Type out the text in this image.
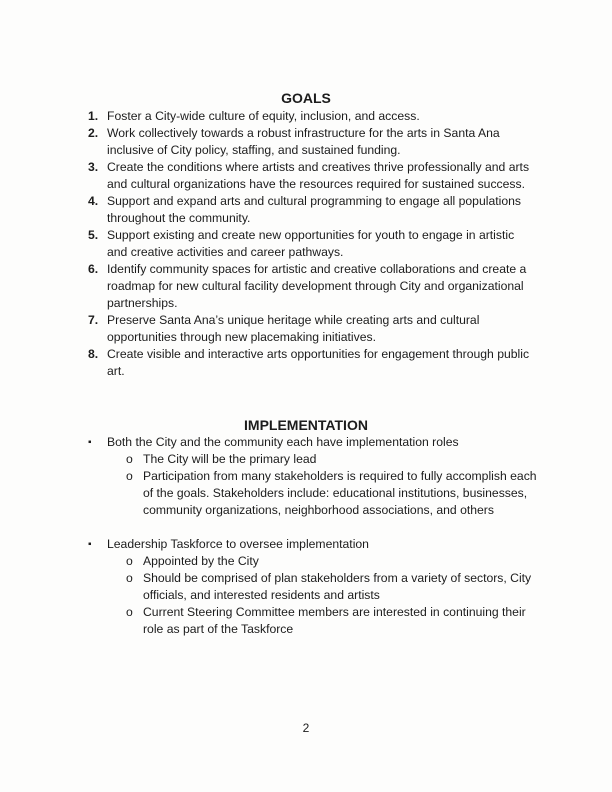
GOALS
1. Foster a City-wide culture of equity, inclusion, and access.
2. Work collectively towards a robust infrastructure for the arts in Santa Ana inclusive of City policy, staffing, and sustained funding.
3. Create the conditions where artists and creatives thrive professionally and arts and cultural organizations have the resources required for sustained success.
4. Support and expand arts and cultural programming to engage all populations throughout the community.
5. Support existing and create new opportunities for youth to engage in artistic and creative activities and career pathways.
6. Identify community spaces for artistic and creative collaborations and create a roadmap for new cultural facility development through City and organizational partnerships.
7. Preserve Santa Ana’s unique heritage while creating arts and cultural opportunities through new placemaking initiatives.
8. Create visible and interactive arts opportunities for engagement through public art.
IMPLEMENTATION
▪ Both the City and the community each have implementation roles
o The City will be the primary lead
o Participation from many stakeholders is required to fully accomplish each of the goals. Stakeholders include: educational institutions, businesses, community organizations, neighborhood associations, and others
▪ Leadership Taskforce to oversee implementation
o Appointed by the City
o Should be comprised of plan stakeholders from a variety of sectors, City officials, and interested residents and artists
o Current Steering Committee members are interested in continuing their role as part of the Taskforce
2
